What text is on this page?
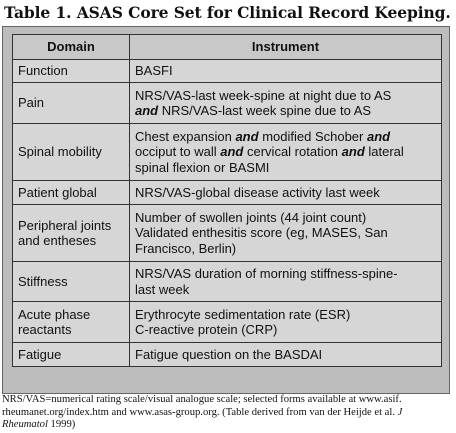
Table 1. ASAS Core Set for Clinical Record Keeping.
Domain	Instrument
Function	BASFI
Pain	NRS/VAS-last week-spine at night due to AS
and NRS/VAS-last week spine due to AS
Spinal mobility	Chest expansion and modified Schober and
occiput to wall and cervical rotation and lateral
spinal flexion or BASMI
Patient global	NRS/VAS-global disease activity last week
Peripheral joints
and entheses	Number of swollen joints (44 joint count)
Validated enthesitis score (eg, MASES, San
Francisco, Berlin)
Stiffness	NRS/VAS duration of morning stiffness-spine-
last week
Acute phase
reactants	Erythrocyte sedimentation rate (ESR)
C-reactive protein (CRP)
Fatigue	Fatigue question on the BASDAI
NRS/VAS=numerical rating scale/visual analogue scale; selected forms available at www.asif.
rheumanet.org/index.htm and www.asas-group.org. (Table derived from van der Heijde et al. J
Rheumatol 1999)
